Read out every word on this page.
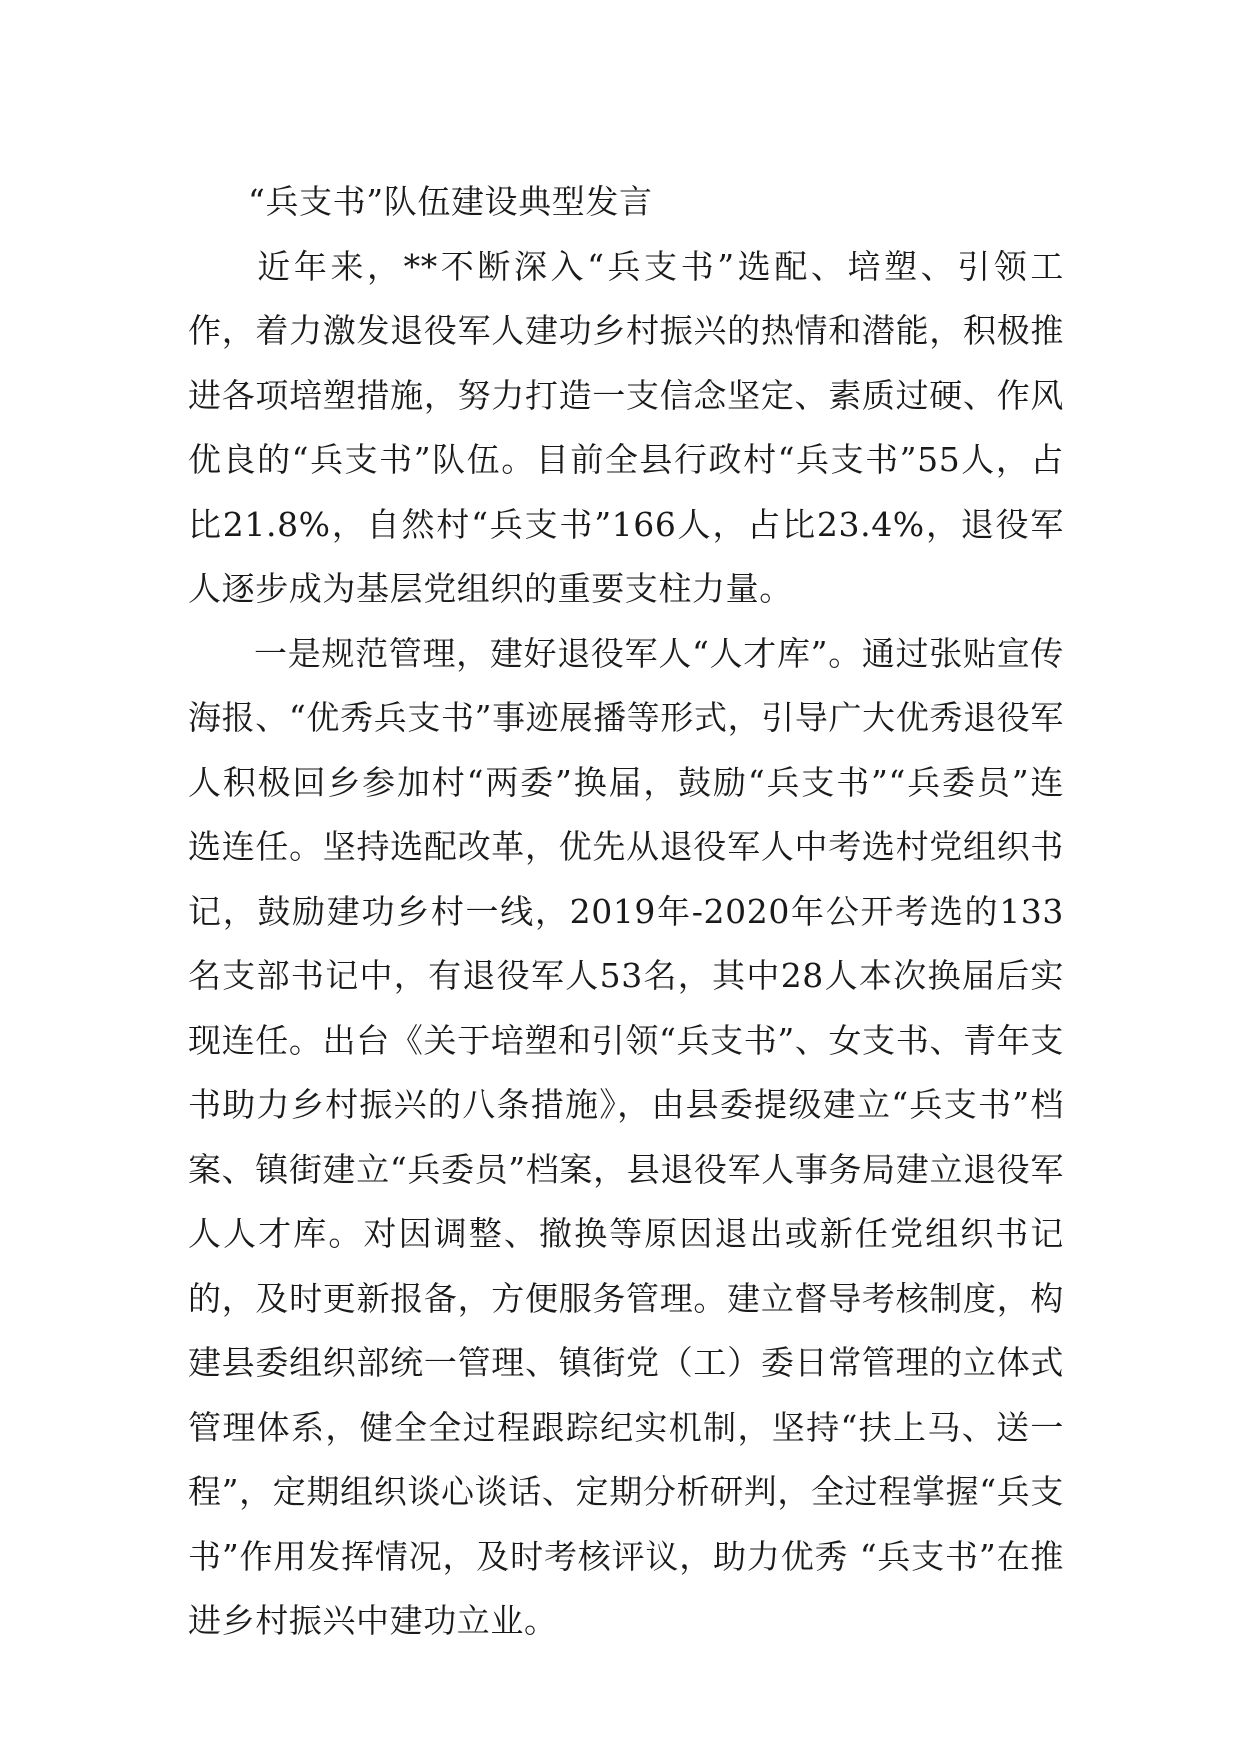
“兵支书”队伍建设典型发言

近年来，**不断深入“兵支书”选配、培塑、引领工作，着力激发退役军人建功乡村振兴的热情和潜能，积极推进各项培塑措施，努力打造一支信念坚定、素质过硬、作风优良的“兵支书”队伍。目前全县行政村“兵支书”55人，占比21.8%，自然村“兵支书”166人，占比23.4%，退役军人逐步成为基层党组织的重要支柱力量。

一是规范管理，建好退役军人“人才库”。通过张贴宣传海报、“优秀兵支书”事迹展播等形式，引导广大优秀退役军人积极回乡参加村“两委”换届，鼓励“兵支书”“兵委员”连选连任。坚持选配改革，优先从退役军人中考选村党组织书记，鼓励建功乡村一线，2019年-2020年公开考选的133名支部书记中，有退役军人53名，其中28人本次换届后实现连任。出台《关于培塑和引领“兵支书”、女支书、青年支书助力乡村振兴的八条措施》，由县委提级建立“兵支书”档案、镇街建立“兵委员”档案，县退役军人事务局建立退役军人人才库。对因调整、撤换等原因退出或新任党组织书记的，及时更新报备，方便服务管理。建立督导考核制度，构建县委组织部统一管理、镇街党（工）委日常管理的立体式管理体系，健全全过程跟踪纪实机制，坚持“扶上马、送一程”，定期组织谈心谈话、定期分析研判，全过程掌握“兵支书”作用发挥情况，及时考核评议，助力优秀 “兵支书”在推进乡村振兴中建功立业。
